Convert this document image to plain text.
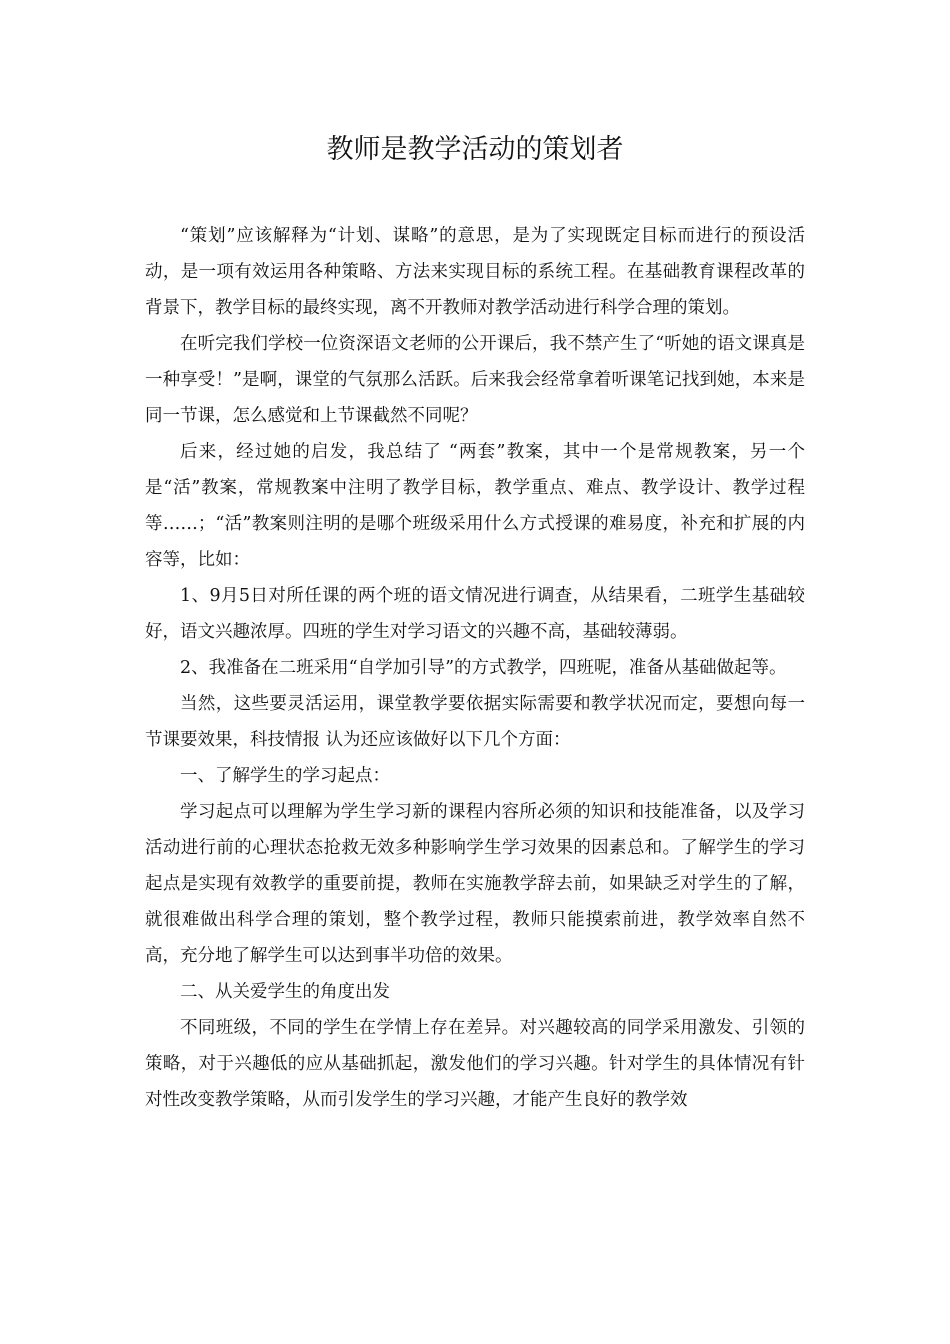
教师是教学活动的策划者

“策划”应该解释为“计划、谋略”的意思，是为了实现既定目标而进行的预设活动，是一项有效运用各种策略、方法来实现目标的系统工程。在基础教育课程改革的背景下，教学目标的最终实现，离不开教师对教学活动进行科学合理的策划。

在听完我们学校一位资深语文老师的公开课后，我不禁产生了“听她的语文课真是一种享受！”是啊，课堂的气氛那么活跃。后来我会经常拿着听课笔记找到她，本来是同一节课，怎么感觉和上节课截然不同呢？

后来，经过她的启发，我总结了 “两套”教案，其中一个是常规教案，另一个是“活”教案，常规教案中注明了教学目标，教学重点、难点、教学设计、教学过程等……；“活”教案则注明的是哪个班级采用什么方式授课的难易度，补充和扩展的内容等，比如：

1、9月5日对所任课的两个班的语文情况进行调查，从结果看，二班学生基础较好，语文兴趣浓厚。四班的学生对学习语文的兴趣不高，基础较薄弱。

2、我准备在二班采用“自学加引导”的方式教学，四班呢，准备从基础做起等。

当然，这些要灵活运用，课堂教学要依据实际需要和教学状况而定，要想向每一节课要效果，科技情报 认为还应该做好以下几个方面：

一、了解学生的学习起点：

学习起点可以理解为学生学习新的课程内容所必须的知识和技能准备，以及学习活动进行前的心理状态抢救无效多种影响学生学习效果的因素总和。了解学生的学习起点是实现有效教学的重要前提，教师在实施教学辞去前，如果缺乏对学生的了解，就很难做出科学合理的策划，整个教学过程，教师只能摸索前进，教学效率自然不高，充分地了解学生可以达到事半功倍的效果。

二、从关爱学生的角度出发

不同班级，不同的学生在学情上存在差异。对兴趣较高的同学采用激发、引领的策略，对于兴趣低的应从基础抓起，激发他们的学习兴趣。针对学生的具体情况有针对性改变教学策略，从而引发学生的学习兴趣，才能产生良好的教学效
